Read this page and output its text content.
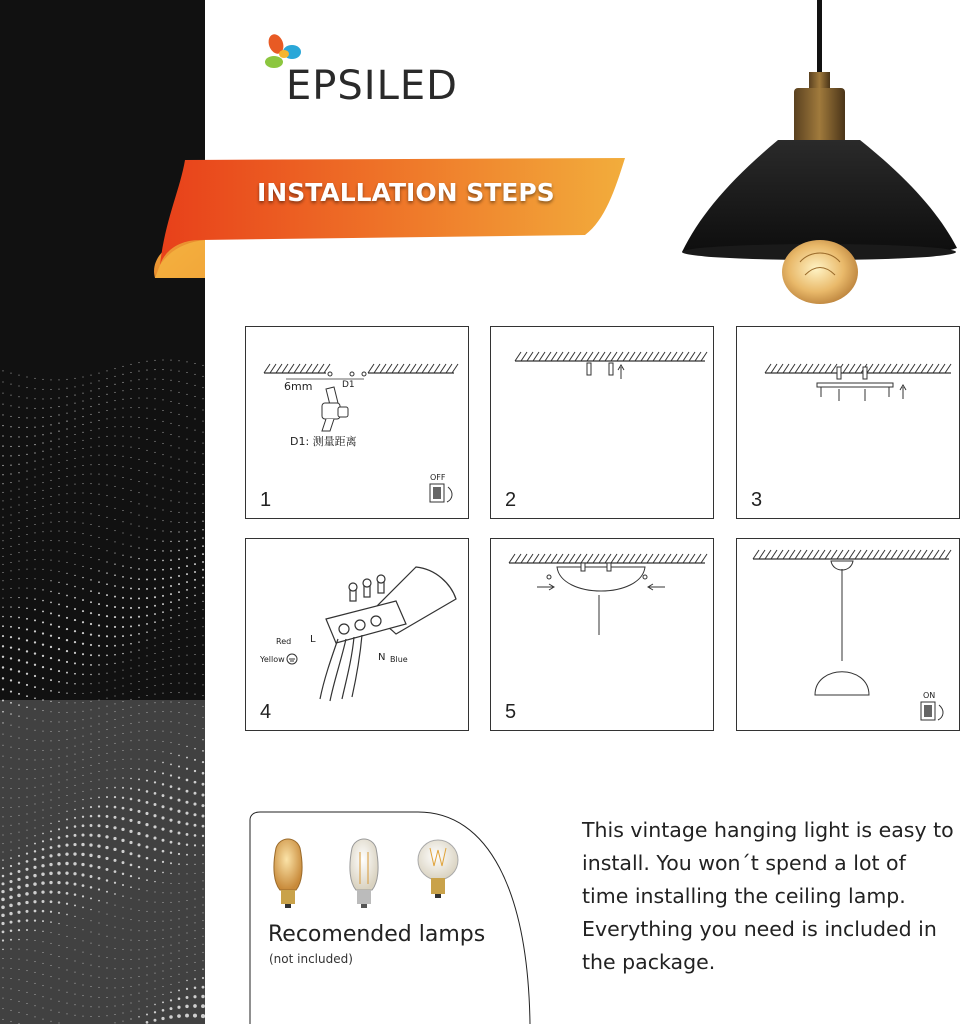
EPSILED
INSTALLATION STEPS
6mm	D1
D1: 测量距离
OFF
1	2	3
Red L
Yellow	N Blue
4	5
ON
Recomended lamps
(not included)

This vintage hanging light is easy to install. You won´t spend a lot of time installing the ceiling lamp. Everything you need is included in the package.
